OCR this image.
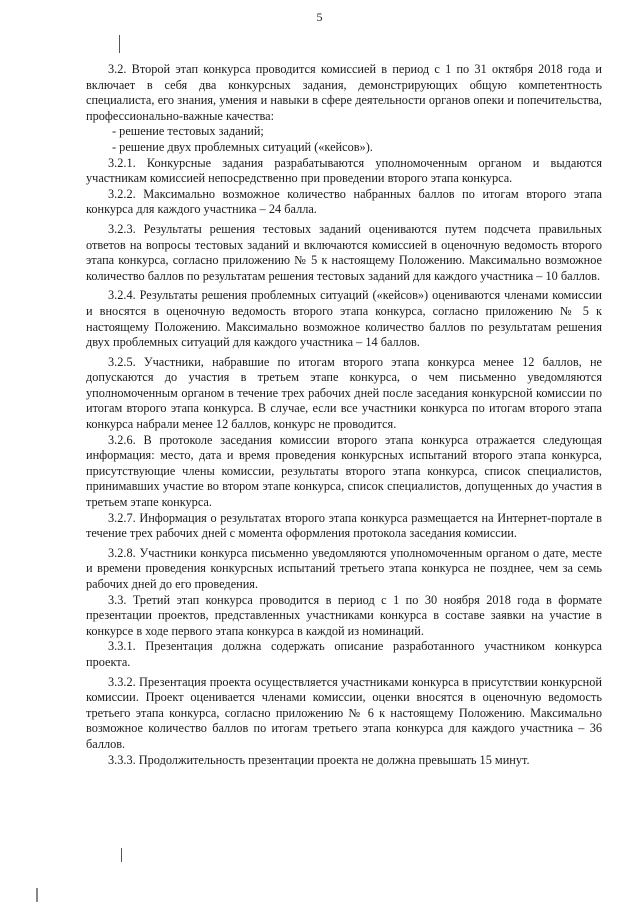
5

3.2. Второй этап конкурса проводится комиссией в период с 1 по 31 октября 2018 года и включает в себя два конкурсных задания, демонстрирующих общую компетентность специалиста, его знания, умения и навыки в сфере деятельности органов опеки и попечительства, профессионально-важные качества:

- решение тестовых заданий;

- решение двух проблемных ситуаций («кейсов»).

3.2.1. Конкурсные задания разрабатываются уполномоченным органом и выдаются участникам комиссией непосредственно при проведении второго этапа конкурса.

3.2.2. Максимально возможное количество набранных баллов по итогам второго этапа конкурса для каждого участника – 24 балла.

3.2.3. Результаты решения тестовых заданий оцениваются путем подсчета правильных ответов на вопросы тестовых заданий и включаются комиссией в оценочную ведомость второго этапа конкурса, согласно приложению № 5 к настоящему Положению. Максимально возможное количество баллов по результатам решения тестовых заданий для каждого участника – 10 баллов.

3.2.4. Результаты решения проблемных ситуаций («кейсов») оцениваются членами комиссии и вносятся в оценочную ведомость второго этапа конкурса, согласно приложению № 5 к настоящему Положению. Максимально возможное количество баллов по результатам решения двух проблемных ситуаций для каждого участника – 14 баллов.

3.2.5. Участники, набравшие по итогам второго этапа конкурса менее 12 баллов, не допускаются до участия в третьем этапе конкурса, о чем письменно уведомляются уполномоченным органом в течение трех рабочих дней после заседания конкурсной комиссии по итогам второго этапа конкурса. В случае, если все участники конкурса по итогам второго этапа конкурса набрали менее 12 баллов, конкурс не проводится.

3.2.6. В протоколе заседания комиссии второго этапа конкурса отражается следующая информация: место, дата и время проведения конкурсных испытаний второго этапа конкурса, присутствующие члены комиссии, результаты второго этапа конкурса, список специалистов, принимавших участие во втором этапе конкурса, список специалистов, допущенных до участия в третьем этапе конкурса.

3.2.7. Информация о результатах второго этапа конкурса размещается на Интернет-портале в течение трех рабочих дней с момента оформления протокола заседания комиссии.

3.2.8. Участники конкурса письменно уведомляются уполномоченным органом о дате, месте и времени проведения конкурсных испытаний третьего этапа конкурса не позднее, чем за семь рабочих дней до его проведения.

3.3. Третий этап конкурса проводится в период с 1 по 30 ноября 2018 года в формате презентации проектов, представленных участниками конкурса в составе заявки на участие в конкурсе в ходе первого этапа конкурса в каждой из номинаций.

3.3.1. Презентация должна содержать описание разработанного участником конкурса проекта.

3.3.2. Презентация проекта осуществляется участниками конкурса в присутствии конкурсной комиссии. Проект оценивается членами комиссии, оценки вносятся в оценочную ведомость третьего этапа конкурса, согласно приложению № 6 к настоящему Положению. Максимально возможное количество баллов по итогам третьего этапа конкурса для каждого участника – 36 баллов.

3.3.3. Продолжительность презентации проекта не должна превышать 15 минут.
